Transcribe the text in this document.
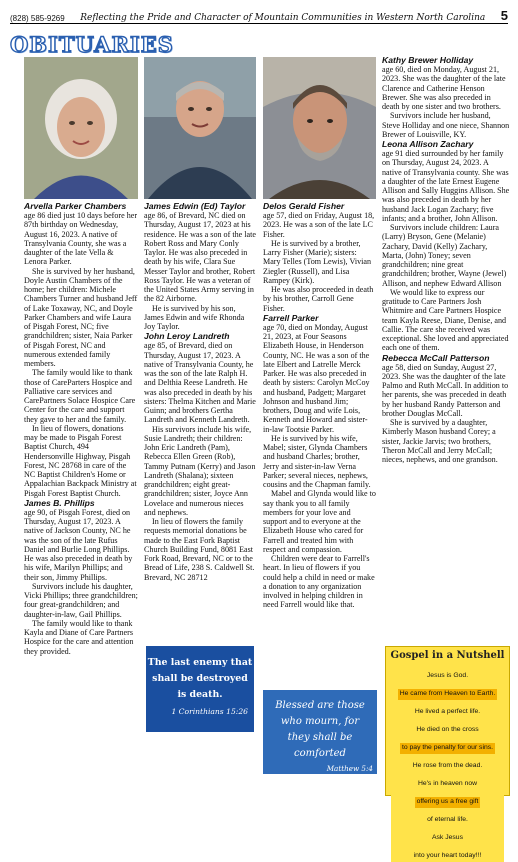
(828) 585-9269	Reflecting the Pride and Character of Mountain Communities in Western North Carolina	5
OBITUARIES
Arvella Parker Chambers

age 86 died just 10 days before her 87th birthday on Wednesday, August 16, 2023. A native of Transylvania County, she was a daughter of the late Vella & Lenora Parker.

She is survived by her husband, Doyle Austin Chambers of the home; her children: Michele Chambers Turner and husband Jeff of Lake Toxaway, NC, and Doyle Parker Chambers and wife Laura of Pisgah Forest, NC; five grandchildren; sister, Naia Parker of Pisgah Forest, NC and numerous extended family members.

The family would like to thank those of CareParters Hospice and Palliative care services and CarePartners Solace Hospice Care Center for the care and support they gave to her and the family.

In lieu of flowers, donations may be made to Pisgah Forest Baptist Church, 494 Hendersonville Highway, Pisgah Forest, NC 28768 in care of the NC Baptist Children's Home or Appalachian Backpack Ministry at Pisgah Forest Baptist Church.

James B. Phillips

age 90, of Pisgah Forest, died on Thursday, August 17, 2023. A native of Jackson County, NC he was the son of the late Rufus Daniel and Burlie Long Phillips. He was also preceded in death by his wife, Marilyn Phillips; and their son, Jimmy Phillips.

Survivors include his daughter, Vicki Phillips; three grandchildren; four great-grandchildren; and daughter-in-law, Gail Phillips.

The family would like to thank Kayla and Diane of Care Partners Hospice for the care and attention they provided.

James Edwin (Ed) Taylor

age 86, of Brevard, NC died on Thursday, August 17, 2023 at his residence. He was a son of the late Robert Ross and Mary Conly Taylor. He was also preceded in death by his wife, Clara Sue Messer Taylor and brother, Robert Ross Taylor. He was a veteran of the United States Army serving in the 82 Airborne.

He is survived by his son, James Edwin and wife Rhonda Joy Taylor.

John Leroy Landreth

age 85, of Brevard, died on Thursday, August 17, 2023. A native of Transylvania County, he was the son of the late Ralph H. and Delthia Reese Landreth. He was also preceded in death by his sisters: Thelma Kitchen and Marie Guinn; and brothers Gertha Landreth and Kenneth Landreth.

His survivors include his wife, Susie Landreth; their children: John Eric Landreth (Pam), Rebecca Ellen Green (Rob), Tammy Putnam (Kerry) and Jason Landreth (Shalana); sixteen grandchildren; eight great-grandchildren; sister, Joyce Ann Lovelace and numerous nieces and nephews.

In lieu of flowers the family requests memorial donations be made to the East Fork Baptist Church Building Fund, 8081 East Fork Road, Brevard, NC or to the Bread of Life, 238 S. Caldwell St. Brevard, NC 28712

Delos Gerald Fisher

age 57, died on Friday, August 18, 2023. He was a son of the late LC Fisher.

He is survived by a brother, Larry Fisher (Marie); sisters: Mary Telles (Tom Lewis), Vivian Ziegler (Russell), and Lisa Rampey (Kirk).

He was also proceeded in death by his brother, Carroll Gene Fisher.

Farrell Parker

age 70, died on Monday, August 21, 2023, at Four Seasons Elizabeth House, in Henderson County, NC. He was a son of the late Elbert and Latrelle Merck Parker. He was also preceded in death by sisters: Carolyn McCoy and husband, Padgett; Margaret Johnson and husband Jim; brothers, Doug and wife Lois, Kenneth and Howard and sister-in-law Tootsie Parker.

He is survived by his wife, Mabel; sister, Glynda Chambers and husband Charles; brother, Jerry and sister-in-law Verna Parker; several nieces, nephews, cousins and the Chapman family.

Mabel and Glynda would like to say thank you to all family members for your love and support and to everyone at the Elizabeth House who cared for Farrell and treated him with respect and compassion.

Children were dear to Farrell's heart. In lieu of flowers if you could help a child in need or make a donation to any organization involved in helping children in need Farrell would like that.

Kathy Brewer Holliday

age 60, died on Monday, August 21, 2023. She was the daughter of the late Clarence and Catherine Henson Brewer. She was also preceded in death by one sister and two brothers.

Survivors include her husband, Steve Holliday and one niece, Shannon Brewer of Louisville, KY.

Leona Allison Zachary

age 91 died surrounded by her family on Thursday, August 24, 2023. A native of Transylvania county. She was a daughter of the late Ernest Eugene Allison and Sally Huggins Allison. She was also preceded in death by her husband Jack Logan Zachary; five infants; and a brother, John Allison.

Survivors include children: Laura (Larry) Bryson, Gene (Melanie) Zachary, David (Kelly) Zachary, Marta, (John) Toney; seven grandchildren; nine great grandchildren; brother, Wayne (Jewel) Allison, and nephew Edward Allison

We would like to express our gratitude to Care Partners Josh Whitmire and Care Partners Hospice team Kayla Reese, Diane, Denise, and Callie. The care she received was exceptional. She loved and appreciated each one of them.

Rebecca McCall Patterson

age 58, died on Sunday, August 27, 2023. She was the daughter of the late Palmo and Ruth McCall. In addition to her parents, she was preceded in death by her husband Randy Patterson and brother Douglas McCall.

She is survived by a daughter, Kimberly Mason husband Corey; a sister, Jackie Jarvis; two brothers, Theron McCall and Jerry McCall; nieces, nephews, and one grandson.

The last enemy that
shall be destroyed
is death.
1 Corinthians 15:26
Blessed are those
who mourn, for
they shall be comforted
Matthew 5:4
Gospel in a Nutshell
Jesus is God.
He came from Heaven to Earth.
He lived a perfect life.
He died on the cross
to pay the penalty for our sins.
He rose from the dead.
He's in heaven now
offering us a free gift
of eternal life.
Ask Jesus
into your heart today!!!
